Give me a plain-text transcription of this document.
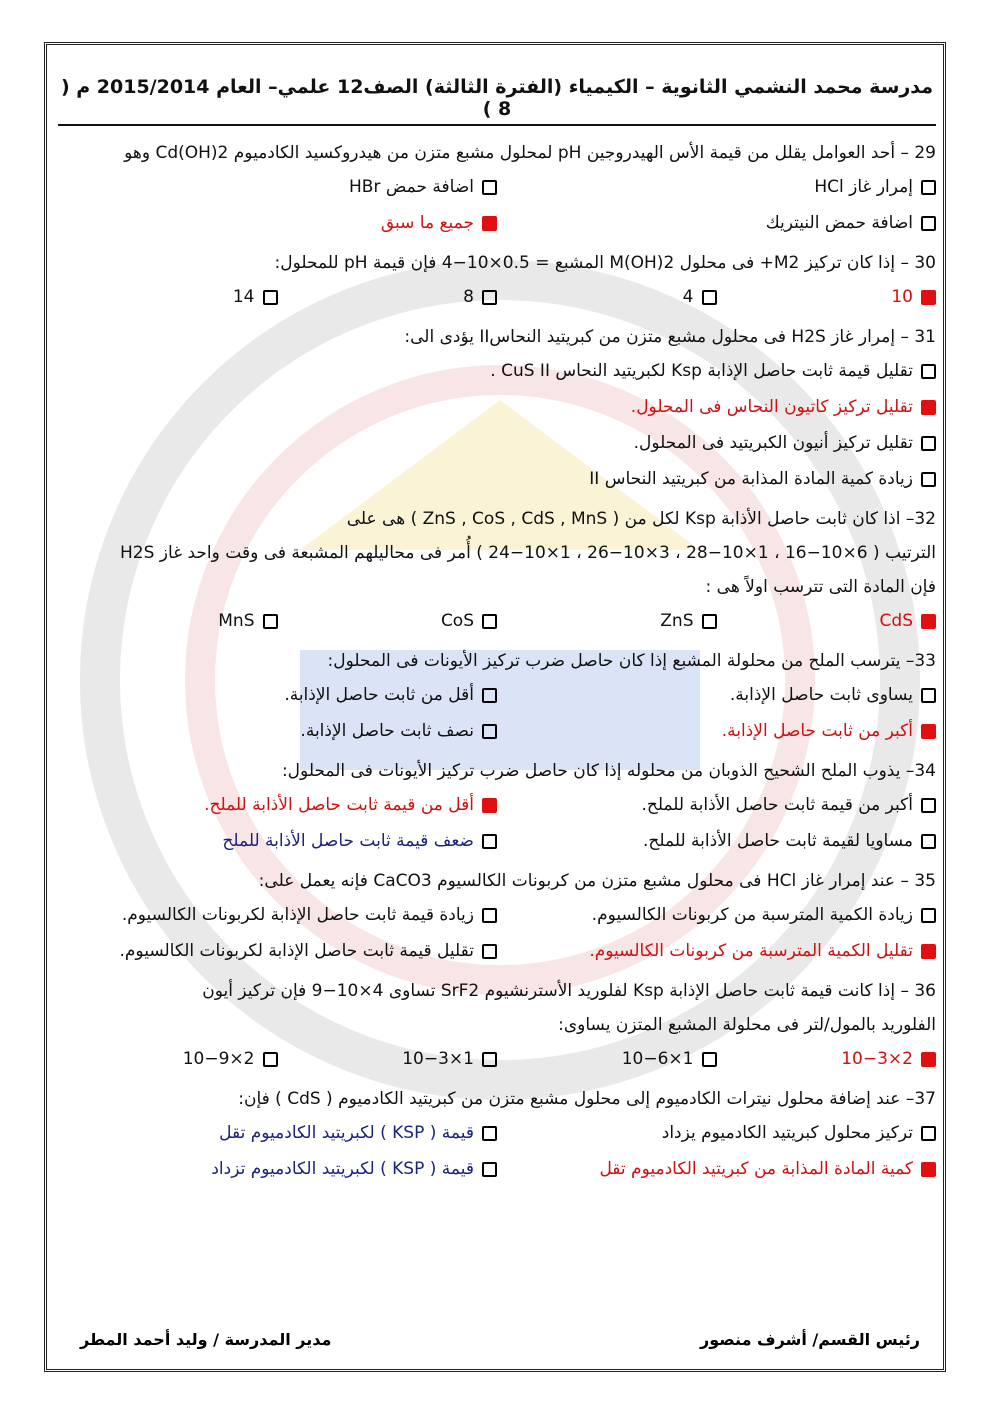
مدرسة محمد النشمي الثانوية – الكيمياء (الفترة الثالثة) الصف12 علمي– العام 2015/2014 م ( 8 )
29 – أحد العوامل يقلل من قيمة الأس الهيدروجين pH لمحلول مشبع متزن من هيدروكسيد الكادميوم Cd(OH)2 وهو
إمرار غاز HCl
اضافة حمض HBr
اضافة حمض النيتريك
جميع ما سبق
30 – إذا كان تركيز M2+ فى محلول M(OH)2 المشبع = 0.5×10−4 فإن قيمة pH للمحلول:
10
4
8
14
31 – إمرار غاز H2S فى محلول مشبع متزن من كبريتيد النحاسII يؤدى الى:
تقليل قيمة ثابت حاصل الإذابة Ksp لكبريتيد النحاس CuS II .
تقليل تركيز كاتيون النحاس فى المحلول.
تقليل تركيز أنيون الكبريتيد فى المحلول.
زيادة كمية المادة المذابة من كبريتيد النحاس II
32– اذا كان ثابت حاصل الأذابة Ksp لكل من ( ZnS , CoS , CdS , MnS ) هى على
الترتيب ( 6×10−16 ، 1×10−28 ، 3×10−26 ، 1×10−24 ) أُمر فى محاليلهم المشبعة فى وقت واحد غاز H2S
فإن المادة التى تترسب اولاً هى :
CdS
ZnS
CoS
MnS
33– يترسب الملح من محلولة المشبع إذا كان حاصل ضرب تركيز الأيونات فى المحلول:
يساوى ثابت حاصل الإذابة.
أقل من ثابت حاصل الإذابة.
أكبر من ثابت حاصل الإذابة.
نصف ثابت حاصل الإذابة.
34– يذوب الملح الشحيح الذوبان من محلوله إذا كان حاصل ضرب تركيز الأيونات فى المحلول:
أكبر من قيمة ثابت حاصل الأذابة للملح.
أقل من قيمة ثابت حاصل الأذابة للملح.
مساويا لقيمة ثابت حاصل الأذابة للملح.
ضعف قيمة ثابت حاصل الأذابة للملح
35 – عند إمرار غاز HCl فى محلول مشبع متزن من كربونات الكالسيوم CaCO3 فإنه يعمل على:
زيادة الكمية المترسبة من كربونات الكالسيوم.
زيادة قيمة ثابت حاصل الإذابة لكربونات الكالسيوم.
تقليل الكمية المترسبة من كربونات الكالسيوم.
تقليل قيمة ثابت حاصل الإذابة لكربونات الكالسيوم.
36 – إذا كانت قيمة ثابت حاصل الإذابة Ksp لفلوريد الأسترنشيوم SrF2 تساوى 4×10−9 فإن تركيز أيون
الفلوريد بالمول/لتر فى محلولة المشبع المتزن يساوى:
2×10−3
1×10−6
1×10−3
2×10−9
37– عند إضافة محلول نيترات الكادميوم إلى محلول مشبع متزن من كبريتيد الكادميوم ( CdS ) فإن:
تركيز محلول كبريتيد الكادميوم يزداد
قيمة ( KSP ) لكبريتيد الكادميوم تقل
كمية المادة المذابة من كبريتيد الكادميوم تقل
قيمة ( KSP ) لكبريتيد الكادميوم تزداد
رئيس القسم/ أشرف منصور
مدير المدرسة / وليد أحمد المطر
